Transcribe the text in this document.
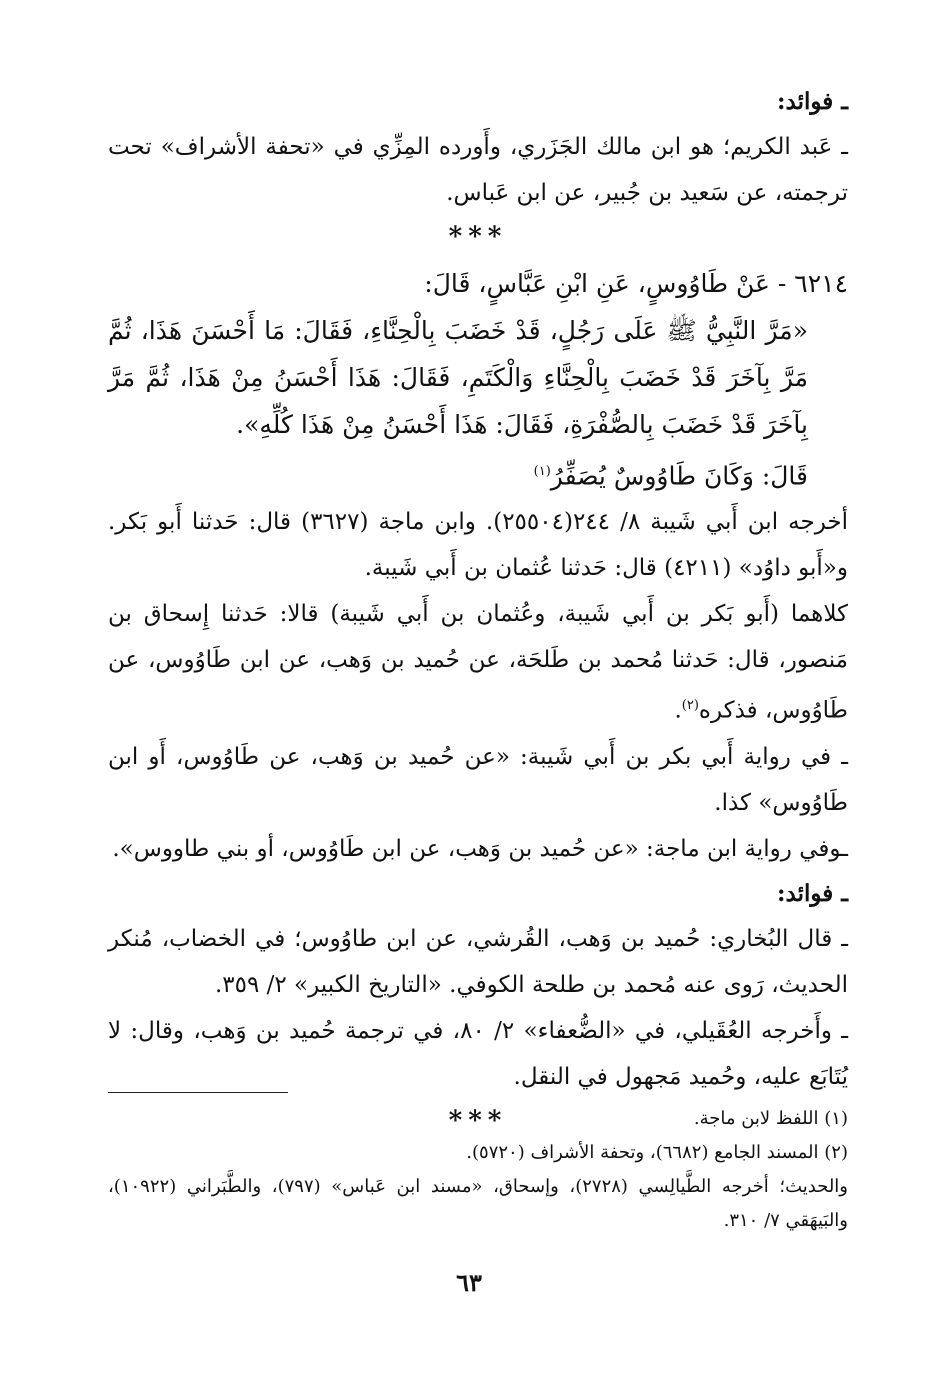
ـ فوائد:
ـ عَبد الكريم؛ هو ابن مالك الجَزَري، وأَورده المِزِّي في «تحفة الأشراف» تحت ترجمته، عن سَعيد بن جُبير، عن ابن عَباس.
***
٦٢١٤ - عَنْ طَاوُوسٍ، عَنِ ابْنِ عَبَّاسٍ، قَالَ:
«مَرَّ النَّبِيُّ ﷺ عَلَى رَجُلٍ، قَدْ خَضَبَ بِالْحِنَّاءِ، فَقَالَ: مَا أَحْسَنَ هَذَا، ثُمَّ مَرَّ بِآخَرَ قَدْ خَضَبَ بِالْحِنَّاءِ وَالْكَتَمِ، فَقَالَ: هَذَا أَحْسَنُ مِنْ هَذَا، ثُمَّ مَرَّ بِآخَرَ قَدْ خَضَبَ بِالصُّفْرَةِ، فَقَالَ: هَذَا أَحْسَنُ مِنْ هَذَا كُلِّهِ».
قَالَ: وَكَانَ طَاوُوسٌ يُصَفِّرُ$^{(١)}$
أخرجه ابن أَبي شَيبة ٨/ ٢٤٤(٢٥٥٠٤). وابن ماجة (٣٦٢٧) قال: حَدثنا أَبو بَكر. و«أَبو داوُد» (٤٢١١) قال: حَدثنا عُثمان بن أَبي شَيبة.
كلاهما (أَبو بَكر بن أَبي شَيبة، وعُثمان بن أَبي شَيبة) قالا: حَدثنا إِسحاق بن مَنصور، قال: حَدثنا مُحمد بن طَلحَة، عن حُميد بن وَهب، عن ابن طَاوُوس، عن طَاوُوس، فذكره$^{(٢)}$.
ـ في رواية أَبي بكر بن أَبي شَيبة: «عن حُميد بن وَهب، عن طَاوُوس، أَو ابن طَاوُوس» كذا.
ـوفي رواية ابن ماجة: «عن حُميد بن وَهب، عن ابن طَاوُوس، أو بني طاووس».
ـ فوائد:
ـ قال البُخاري: حُميد بن وَهب، القُرشي، عن ابن طاوُوس؛ في الخضاب، مُنكر الحديث، رَوى عنه مُحمد بن طلحة الكوفي. «التاريخ الكبير» ٢/ ٣٥٩.
ـ وأَخرجه العُقَيلي، في «الضُّعفاء» ٢/ ٨٠، في ترجمة حُميد بن وَهب، وقال: لا يُتَابَع عليه، وحُميد مَجهول في النقل.
***	(١) اللفظ لابن ماجة.
(٢) المسند الجامع (٦٦٨٢)، وتحفة الأشراف (٥٧٢٠).
والحديث؛ أخرجه الطَّيالِسي (٢٧٢٨)، وإسحاق، «مسند ابن عَباس» (٧٩٧)، والطَّبَراني (١٠٩٢٢)، والبَيهَقي ٧/ ٣١٠.
٦٣
